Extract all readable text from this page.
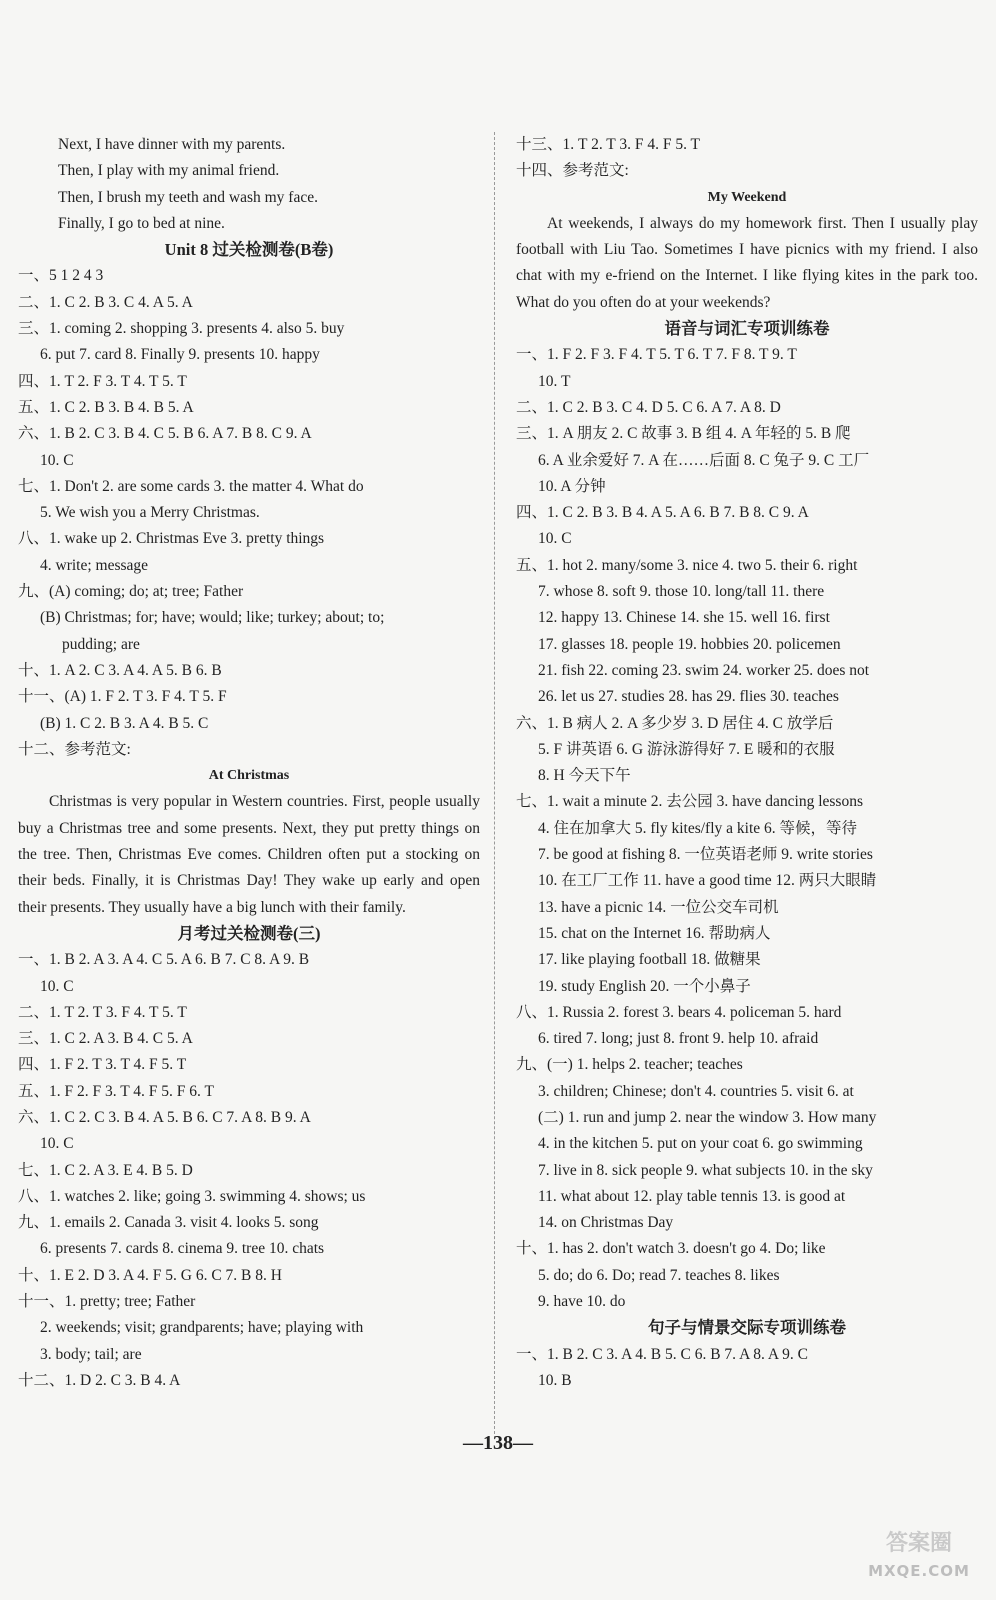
Next, I have dinner with my parents.
Then, I play with my animal friend.
Then, I brush my teeth and wash my face.
Finally, I go to bed at nine.
Unit 8 过关检测卷(B卷)
一、5 1 2 4 3
二、1. C 2. B 3. C 4. A 5. A
三、1. coming 2. shopping 3. presents 4. also 5. buy
6. put 7. card 8. Finally 9. presents 10. happy
四、1. T 2. F 3. T 4. T 5. T
五、1. C 2. B 3. B 4. B 5. A
六、1. B 2. C 3. B 4. C 5. B 6. A 7. B 8. C 9. A
10. C
七、1. Don't 2. are some cards 3. the matter 4. What do
5. We wish you a Merry Christmas.
八、1. wake up 2. Christmas Eve 3. pretty things
4. write; message
九、(A) coming; do; at; tree; Father
(B) Christmas; for; have; would; like; turkey; about; to;
pudding; are
十、1. A 2. C 3. A 4. A 5. B 6. B
十一、(A) 1. F 2. T 3. F 4. T 5. F
(B) 1. C 2. B 3. A 4. B 5. C
十二、参考范文:
At Christmas
Christmas is very popular in Western countries. First, people usually buy a Christmas tree and some presents. Next, they put pretty things on the tree. Then, Christmas Eve comes. Children often put a stocking on their beds. Finally, it is Christmas Day! They wake up early and open their presents. They usually have a big lunch with their family.
月考过关检测卷(三)
一、1. B 2. A 3. A 4. C 5. A 6. B 7. C 8. A 9. B
10. C
二、1. T 2. T 3. F 4. T 5. T
三、1. C 2. A 3. B 4. C 5. A
四、1. F 2. T 3. T 4. F 5. T
五、1. F 2. F 3. T 4. F 5. F 6. T
六、1. C 2. C 3. B 4. A 5. B 6. C 7. A 8. B 9. A
10. C
七、1. C 2. A 3. E 4. B 5. D
八、1. watches 2. like; going 3. swimming 4. shows; us
九、1. emails 2. Canada 3. visit 4. looks 5. song
6. presents 7. cards 8. cinema 9. tree 10. chats
十、1. E 2. D 3. A 4. F 5. G 6. C 7. B 8. H
十一、1. pretty; tree; Father
2. weekends; visit; grandparents; have; playing with
3. body; tail; are
十二、1. D 2. C 3. B 4. A
十三、1. T 2. T 3. F 4. F 5. T
十四、参考范文:
My Weekend
At weekends, I always do my homework first. Then I usually play football with Liu Tao. Sometimes I have picnics with my friend. I also chat with my e-friend on the Internet. I like flying kites in the park too. What do you often do at your weekends?
语音与词汇专项训练卷
一、1. F 2. F 3. F 4. T 5. T 6. T 7. F 8. T 9. T
10. T
二、1. C 2. B 3. C 4. D 5. C 6. A 7. A 8. D
三、1. A 朋友 2. C 故事 3. B 组 4. A 年轻的 5. B 爬
6. A 业余爱好 7. A 在……后面 8. C 兔子 9. C 工厂
10. A 分钟
四、1. C 2. B 3. B 4. A 5. A 6. B 7. B 8. C 9. A
10. C
五、1. hot 2. many/some 3. nice 4. two 5. their 6. right
7. whose 8. soft 9. those 10. long/tall 11. there
12. happy 13. Chinese 14. she 15. well 16. first
17. glasses 18. people 19. hobbies 20. policemen
21. fish 22. coming 23. swim 24. worker 25. does not
26. let us 27. studies 28. has 29. flies 30. teaches
六、1. B 病人 2. A 多少岁 3. D 居住 4. C 放学后
5. F 讲英语 6. G 游泳游得好 7. E 暖和的衣服
8. H 今天下午
七、1. wait a minute 2. 去公园 3. have dancing lessons
4. 住在加拿大 5. fly kites/fly a kite 6. 等候，等待
7. be good at fishing 8. 一位英语老师 9. write stories
10. 在工厂工作 11. have a good time 12. 两只大眼睛
13. have a picnic 14. 一位公交车司机
15. chat on the Internet 16. 帮助病人
17. like playing football 18. 做糖果
19. study English 20. 一个小鼻子
八、1. Russia 2. forest 3. bears 4. policeman 5. hard
6. tired 7. long; just 8. front 9. help 10. afraid
九、(一) 1. helps 2. teacher; teaches
3. children; Chinese; don't 4. countries 5. visit 6. at
(二) 1. run and jump 2. near the window 3. How many
4. in the kitchen 5. put on your coat 6. go swimming
7. live in 8. sick people 9. what subjects 10. in the sky
11. what about 12. play table tennis 13. is good at
14. on Christmas Day
十、1. has 2. don't watch 3. doesn't go 4. Do; like
5. do; do 6. Do; read 7. teaches 8. likes
9. have 10. do
句子与情景交际专项训练卷
一、1. B 2. C 3. A 4. B 5. C 6. B 7. A 8. A 9. C
10. B
—138—
答案圈
MXQE.COM
